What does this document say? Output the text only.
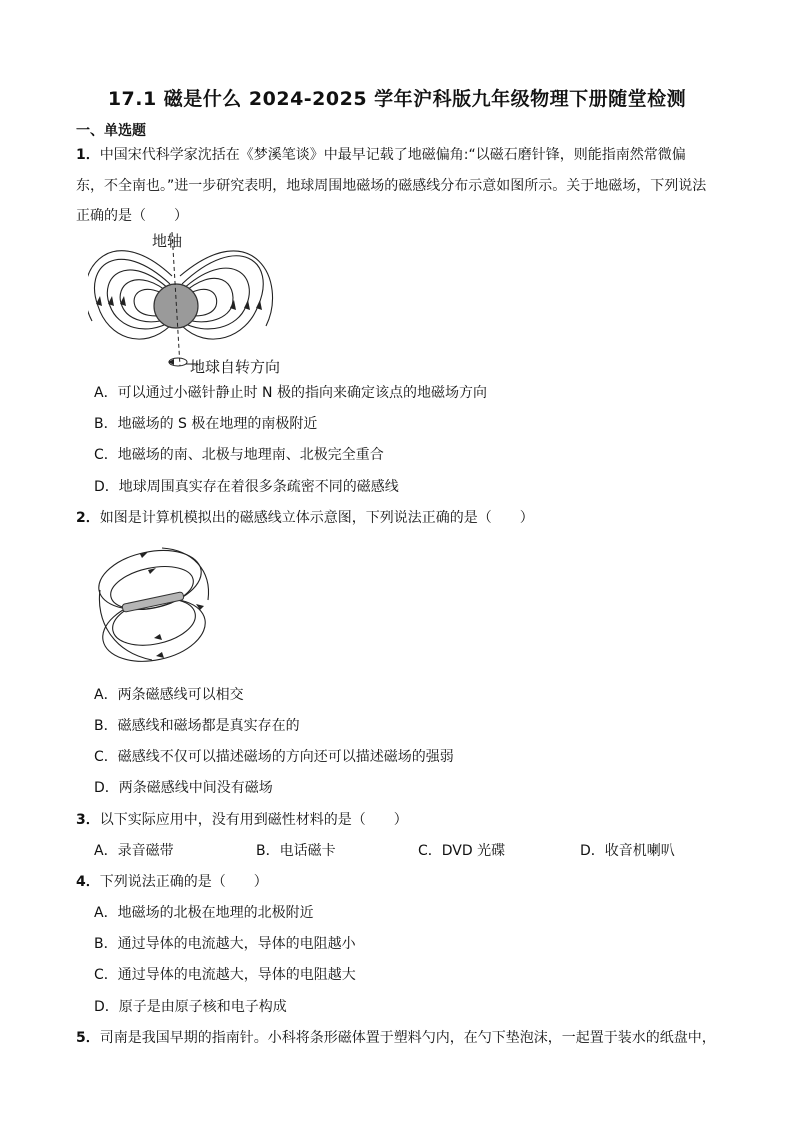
17.1 磁是什么 2024-2025 学年沪科版九年级物理下册随堂检测
一、单选题
1．中国宋代科学家沈括在《梦溪笔谈》中最早记载了地磁偏角:“以磁石磨针锋，则能指南然常微偏
东，不全南也。”进一步研究表明，地球周围地磁场的磁感线分布示意如图所示。关于地磁场，下列说法
正确的是（　　）
地轴
地球自转方向
A．可以通过小磁针静止时 N 极的指向来确定该点的地磁场方向
B．地磁场的 S 极在地理的南极附近
C．地磁场的南、北极与地理南、北极完全重合
D．地球周围真实存在着很多条疏密不同的磁感线
2．如图是计算机模拟出的磁感线立体示意图，下列说法正确的是（　　）
A．两条磁感线可以相交
B．磁感线和磁场都是真实存在的
C．磁感线不仅可以描述磁场的方向还可以描述磁场的强弱
D．两条磁感线中间没有磁场
3．以下实际应用中，没有用到磁性材料的是（　　）
A．录音磁带	B．电话磁卡	C．DVD 光碟	D．收音机喇叭
4．下列说法正确的是（　　）
A．地磁场的北极在地理的北极附近
B．通过导体的电流越大，导体的电阻越小
C．通过导体的电流越大，导体的电阻越大
D．原子是由原子核和电子构成
5．司南是我国早期的指南针。小科将条形磁体置于塑料勺内，在勺下垫泡沫，一起置于装水的纸盘中，
